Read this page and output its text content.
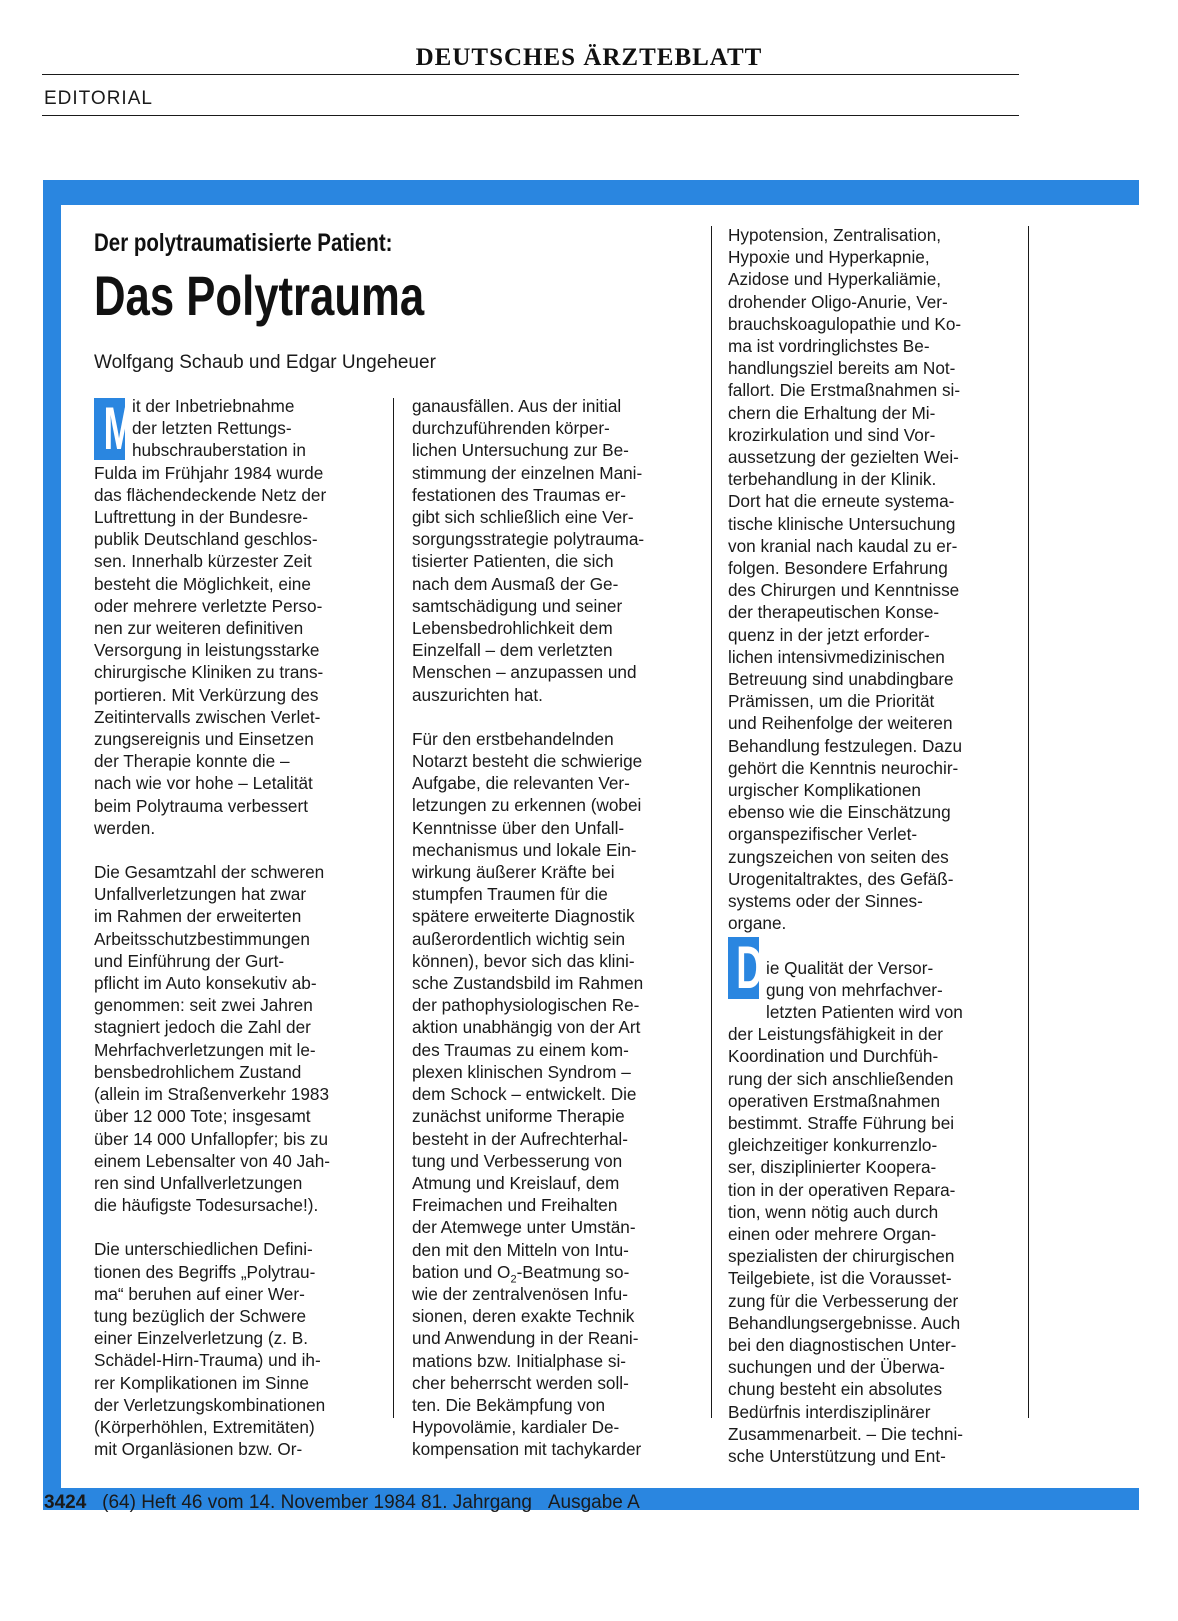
DEUTSCHES ÄRZTEBLATT
EDITORIAL
Der polytraumatisierte Patient:
Das Polytrauma
Wolfgang Schaub und Edgar Ungeheuer
M

it der Inbetriebnahme
der letzten Rettungs-
hubschrauberstation in
Fulda im Frühjahr 1984 wurde
das flächendeckende Netz der
Luftrettung in der Bundesre-
publik Deutschland geschlos-
sen. Innerhalb kürzester Zeit
besteht die Möglichkeit, eine
oder mehrere verletzte Perso-
nen zur weiteren definitiven
Versorgung in leistungsstarke
chirurgische Kliniken zu trans-
portieren. Mit Verkürzung des
Zeitintervalls zwischen Verlet-
zungsereignis und Einsetzen
der Therapie konnte die –
nach wie vor hohe – Letalität
beim Polytrauma verbessert
werden.

Die Gesamtzahl der schweren
Unfallverletzungen hat zwar
im Rahmen der erweiterten
Arbeitsschutzbestimmungen
und Einführung der Gurt-
pflicht im Auto konsekutiv ab-
genommen: seit zwei Jahren
stagniert jedoch die Zahl der
Mehrfachverletzungen mit le-
bensbedrohlichem Zustand
(allein im Straßenverkehr 1983
über 12 000 Tote; insgesamt
über 14 000 Unfallopfer; bis zu
einem Lebensalter von 40 Jah-
ren sind Unfallverletzungen
die häufigste Todesursache!).

Die unterschiedlichen Defini-
tionen des Begriffs „Polytrau-
ma“ beruhen auf einer Wer-
tung bezüglich der Schwere
einer Einzelverletzung (z. B.
Schädel-Hirn-Trauma) und ih-
rer Komplikationen im Sinne
der Verletzungskombinationen
(Körperhöhlen, Extremitäten)
mit Organläsionen bzw. Or-

ganausfällen. Aus der initial
durchzuführenden körper-
lichen Untersuchung zur Be-
stimmung der einzelnen Mani-
festationen des Traumas er-
gibt sich schließlich eine Ver-
sorgungsstrategie polytrauma-
tisierter Patienten, die sich
nach dem Ausmaß der Ge-
samtschädigung und seiner
Lebensbedrohlichkeit dem
Einzelfall – dem verletzten
Menschen – anzupassen und
auszurichten hat.

Für den erstbehandelnden
Notarzt besteht die schwierige
Aufgabe, die relevanten Ver-
letzungen zu erkennen (wobei
Kenntnisse über den Unfall-
mechanismus und lokale Ein-
wirkung äußerer Kräfte bei
stumpfen Traumen für die
spätere erweiterte Diagnostik
außerordentlich wichtig sein
können), bevor sich das klini-
sche Zustandsbild im Rahmen
der pathophysiologischen Re-
aktion unabhängig von der Art
des Traumas zu einem kom-
plexen klinischen Syndrom –
dem Schock – entwickelt. Die
zunächst uniforme Therapie
besteht in der Aufrechterhal-
tung und Verbesserung von
Atmung und Kreislauf, dem
Freimachen und Freihalten
der Atemwege unter Umstän-
den mit den Mitteln von Intu-
bation und $O_2$-Beatmung so-
wie der zentralvenösen Infu-
sionen, deren exakte Technik
und Anwendung in der Reani-
mations bzw. Initialphase si-
cher beherrscht werden soll-
ten. Die Bekämpfung von
Hypovolämie, kardialer De-
kompensation mit tachykarder

Hypotension, Zentralisation,
Hypoxie und Hyperkapnie,
Azidose und Hyperkaliämie,
drohender Oligo-Anurie, Ver-
brauchskoagulopathie und Ko-
ma ist vordringlichstes Be-
handlungsziel bereits am Not-
fallort. Die Erstmaßnahmen si-
chern die Erhaltung der Mi-
krozirkulation und sind Vor-
aussetzung der gezielten Wei-
terbehandlung in der Klinik.
Dort hat die erneute systema-
tische klinische Untersuchung
von kranial nach kaudal zu er-
folgen. Besondere Erfahrung
des Chirurgen und Kenntnisse
der therapeutischen Konse-
quenz in der jetzt erforder-
lichen intensivmedizinischen
Betreuung sind unabdingbare
Prämissen, um die Priorität
und Reihenfolge der weiteren
Behandlung festzulegen. Dazu
gehört die Kenntnis neurochir-
urgischer Komplikationen
ebenso wie die Einschätzung
organspezifischer Verlet-
zungszeichen von seiten des
Urogenitaltraktes, des Gefäß-
systems oder der Sinnes-
organe.

ie Qualität der Versor-
gung von mehrfachver-
letzten Patienten wird von
der Leistungsfähigkeit in der
Koordination und Durchfüh-
rung der sich anschließenden
operativen Erstmaßnahmen
bestimmt. Straffe Führung bei
gleichzeitiger konkurrenzlo-
ser, disziplinierter Koopera-
tion in der operativen Repara-
tion, wenn nötig auch durch
einen oder mehrere Organ-
spezialisten der chirurgischen
Teilgebiete, ist die Vorausset-
zung für die Verbesserung der
Behandlungsergebnisse. Auch
bei den diagnostischen Unter-
suchungen und der Überwa-
chung besteht ein absolutes
Bedürfnis interdisziplinärer
Zusammenarbeit. – Die techni-
sche Unterstützung und Ent-

D
3424 (64) Heft 46 vom 14. November 1984 81. Jahrgang Ausgabe A
